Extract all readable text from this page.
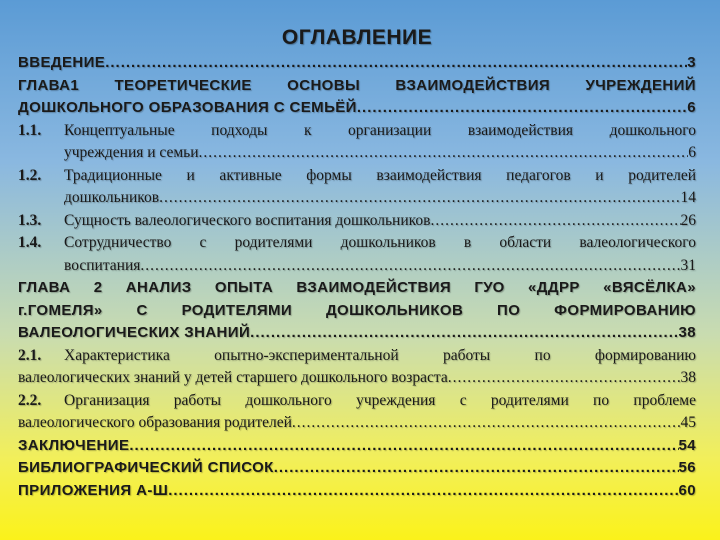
ОГЛАВЛЕНИЕ
ВВЕДЕНИЕ .....	3
ГЛАВА1 ТЕОРЕТИЧЕСКИЕ ОСНОВЫ ВЗАИМОДЕЙСТВИЯ УЧРЕЖДЕНИЙ
ДОШКОЛЬНОГО ОБРАЗОВАНИЯ С СЕМЬЁЙ .....	6
1.1.	Концептуальные подходы к организации взаимодействия дошкольного
учреждения и семьи .....	6
1.2.	Традиционные и активные формы взаимодействия педагогов и родителей
дошкольников .....	14
1.3.	Сущность валеологического воспитания дошкольников .....	26
1.4.	Сотрудничество с родителями дошкольников в области валеологического
воспитания .....	31
ГЛАВА 2 АНАЛИЗ ОПЫТА ВЗАИМОДЕЙСТВИЯ ГУО «ДДРР «ВЯСЁЛКА»
г.ГОМЕЛЯ» С РОДИТЕЛЯМИ ДОШКОЛЬНИКОВ ПО ФОРМИРОВАНИЮ
ВАЛЕОЛОГИЧЕСКИХ ЗНАНИЙ .....	38
2.1.	Характеристика опытно-экспериментальной работы по формированию
валеологических знаний у детей старшего дошкольного возраста .....	38
2.2.	Организация работы дошкольного учреждения с родителями по проблеме
валеологического образования родителей .....	45
ЗАКЛЮЧЕНИЕ .....	54
БИБЛИОГРАФИЧЕСКИЙ СПИСОК .....	56
ПРИЛОЖЕНИЯ А-Ш .....	60
